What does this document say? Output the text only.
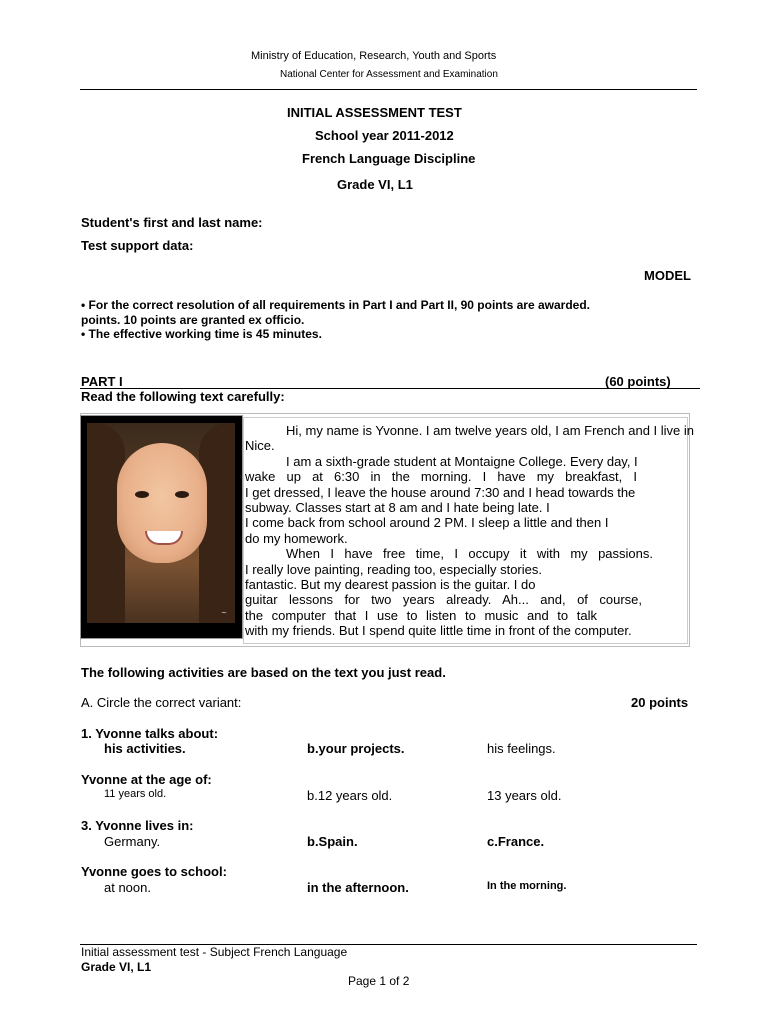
Ministry of Education, Research, Youth and Sports
National Center for Assessment and Examination
INITIAL ASSESSMENT TEST
School year 2011-2012
French Language Discipline
Grade VI, L1
Student's first and last name:
Test support data:
MODEL
• For the correct resolution of all requirements in Part I and Part II, 90 points are awarded.
points. 10 points are granted ex officio.
• The effective working time is 45 minutes.
PART I	(60 points)
Read the following text carefully:
~

Hi, my name is Yvonne. I am twelve years old, I am French and I live in Nice.

I am a sixth-grade student at Montaigne College. Every day, I

wake up at 6:30 in the morning. I have my breakfast, I

I get dressed, I leave the house around 7:30 and I head towards the

subway. Classes start at 8 am and I hate being late. I

I come back from school around 2 PM. I sleep a little and then I

do my homework.

When I have free time, I occupy it with my passions.

I really love painting, reading too, especially stories.

fantastic. But my dearest passion is the guitar. I do

guitar lessons for two years already. Ah... and, of course,

the computer that I use to listen to music and to talk

with my friends. But I spend quite little time in front of the computer.

The following activities are based on the text you just read.
A. Circle the correct variant:	20 points
1. Yvonne talks about:
his activities.	b.your projects.	his feelings.
Yvonne at the age of:
11 years old.	b.12 years old.	13 years old.
3. Yvonne lives in:
Germany.	b.Spain.	c.France.
Yvonne goes to school:
at noon.	in the afternoon.	In the morning.
Initial assessment test - Subject French Language
Grade VI, L1
Page 1 of 2
